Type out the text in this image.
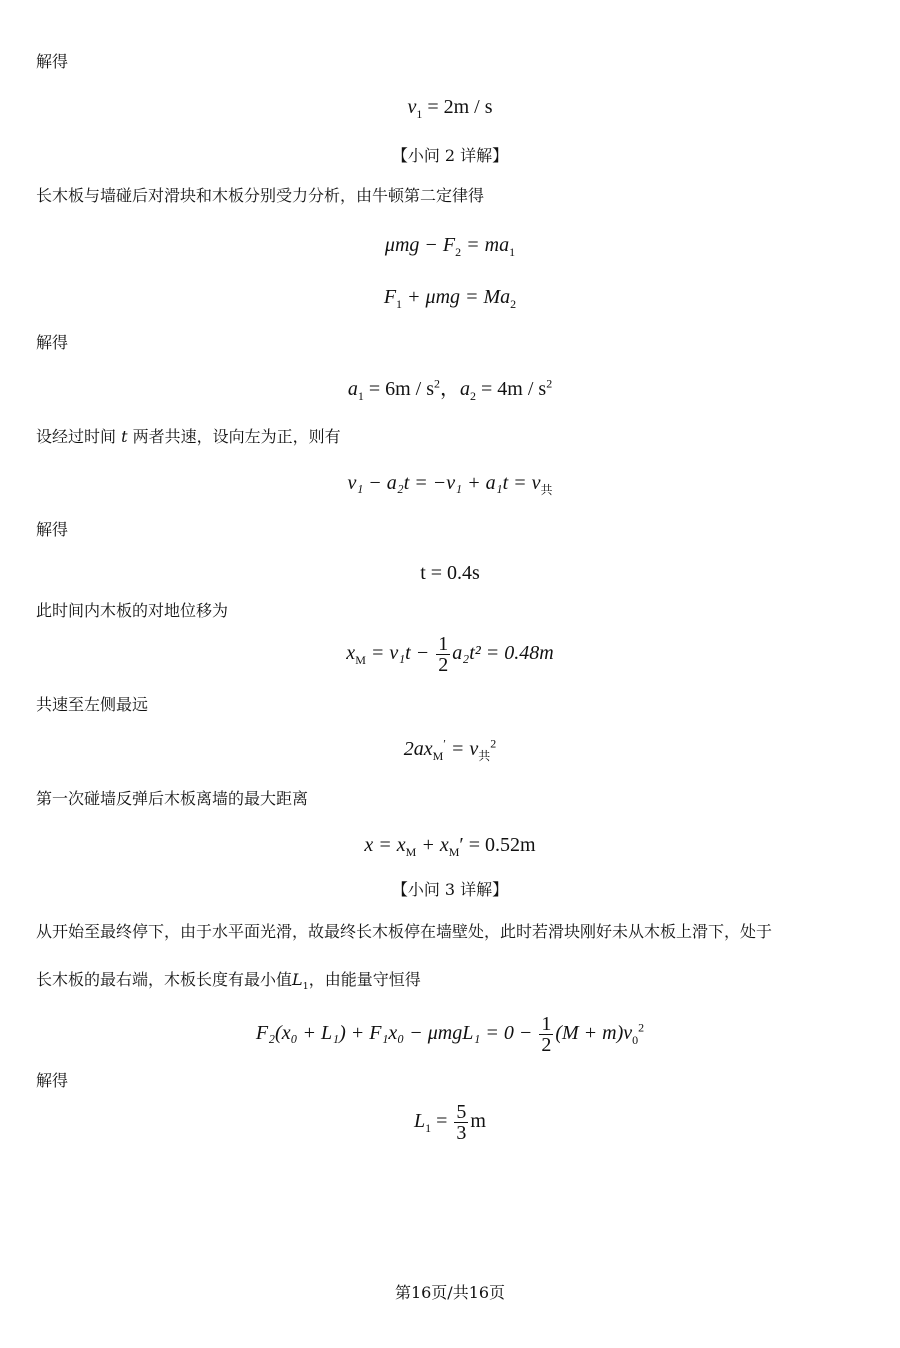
解得
$v_1 = 2m / s$
【小问 2 详解】
长木板与墙碰后对滑块和木板分别受力分析，由牛顿第二定律得
$\mu mg - F_2 = ma_1$
$F_1 + \mu mg = Ma_2$
解得
$a_1 = 6m / s^2$，$a_2 = 4m / s^2$
设经过时间 t 两者共速，设向左为正，则有
$v_1 - a_2t = -v_1 + a_1t = v_共$
解得
t = 0.4s
此时间内木板的对地位移为
$x_M = v_1t - \frac{1}{2} a_2t^2 = 0.48m$
共速至左侧最远
$2ax_M' = v_共^2$
第一次碰墙反弹后木板离墙的最大距离
$x = x_M + x_M' = 0.52m$
【小问 3 详解】
从开始至最终停下，由于水平面光滑，故最终长木板停在墙壁处，此时若滑块刚好未从木板上滑下，处于
长木板的最右端，木板长度有最小值$L_1$，由能量守恒得
$F_2(x_0 + L_1) + F_1x_0 - \mu mgL_1 = 0 - \frac{1}{2} (M + m)v_0^2$
解得
$L_1 = \frac{5}{3}$ m
第16页/共16页
